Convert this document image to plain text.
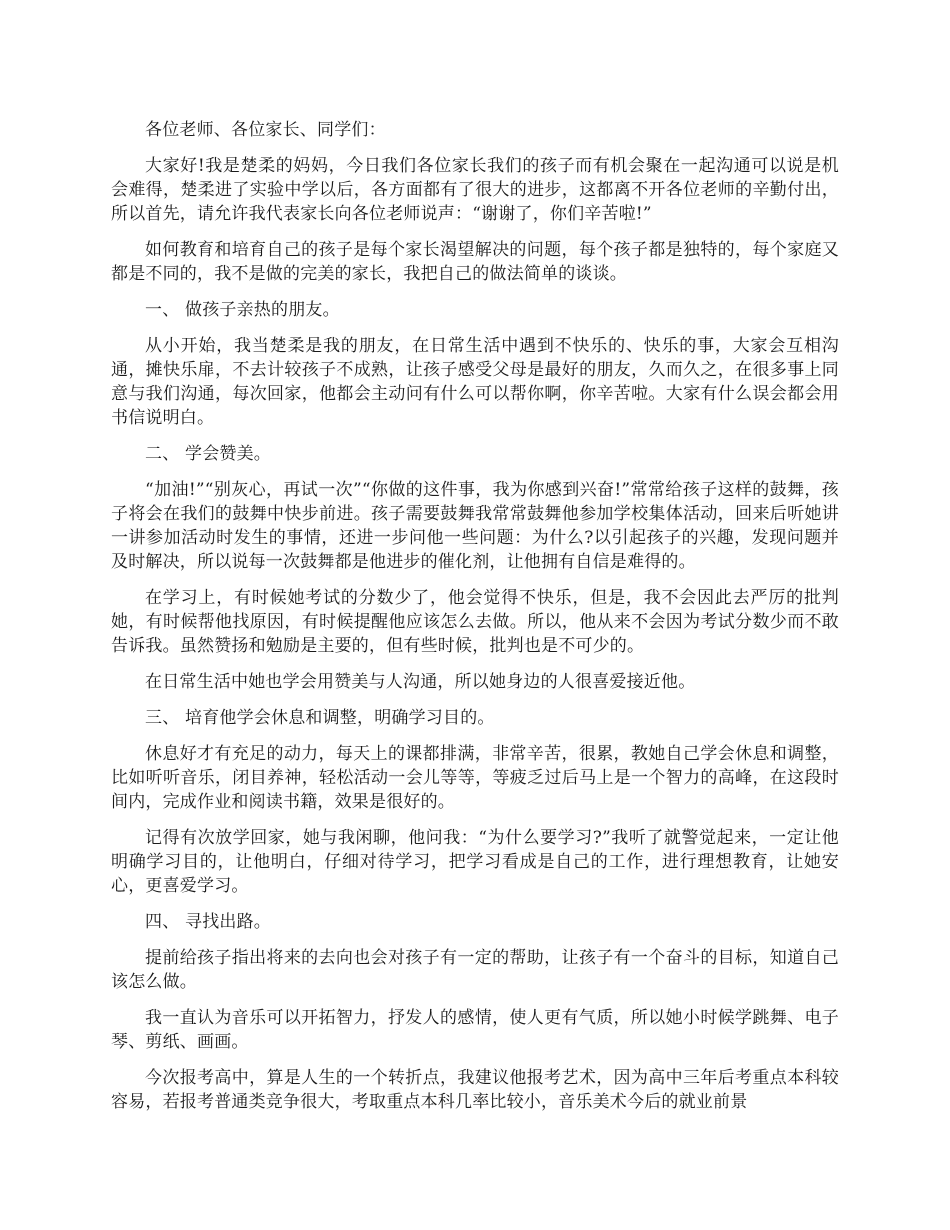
各位老师、各位家长、同学们：

大家好!我是楚柔的妈妈，今日我们各位家长我们的孩子而有机会聚在一起沟通可以说是机会难得，楚柔进了实验中学以后，各方面都有了很大的进步，这都离不开各位老师的辛勤付出，所以首先，请允许我代表家长向各位老师说声：“谢谢了，你们辛苦啦!”

如何教育和培育自己的孩子是每个家长渴望解决的问题，每个孩子都是独特的，每个家庭又都是不同的，我不是做的完美的家长，我把自己的做法简单的谈谈。

一、 做孩子亲热的朋友。

从小开始，我当楚柔是我的朋友，在日常生活中遇到不快乐的、快乐的事，大家会互相沟通，摊快乐扉，不去计较孩子不成熟，让孩子感受父母是最好的朋友，久而久之，在很多事上同意与我们沟通，每次回家，他都会主动问有什么可以帮你啊，你辛苦啦。大家有什么误会都会用书信说明白。

二、 学会赞美。

“加油!”“别灰心，再试一次”“你做的这件事，我为你感到兴奋!”常常给孩子这样的鼓舞，孩子将会在我们的鼓舞中快步前进。孩子需要鼓舞我常常鼓舞他参加学校集体活动，回来后听她讲一讲参加活动时发生的事情，还进一步问他一些问题：为什么?以引起孩子的兴趣，发现问题并及时解决，所以说每一次鼓舞都是他进步的催化剂，让他拥有自信是难得的。

在学习上，有时候她考试的分数少了，他会觉得不快乐，但是，我不会因此去严厉的批判她，有时候帮他找原因，有时候提醒他应该怎么去做。所以，他从来不会因为考试分数少而不敢告诉我。虽然赞扬和勉励是主要的，但有些时候，批判也是不可少的。

在日常生活中她也学会用赞美与人沟通，所以她身边的人很喜爱接近他。

三、 培育他学会休息和调整，明确学习目的。

休息好才有充足的动力，每天上的课都排满，非常辛苦，很累，教她自己学会休息和调整，比如听听音乐，闭目养神，轻松活动一会儿等等，等疲乏过后马上是一个智力的高峰，在这段时间内，完成作业和阅读书籍，效果是很好的。

记得有次放学回家，她与我闲聊，他问我：“为什么要学习?”我听了就警觉起来，一定让他明确学习目的，让他明白，仔细对待学习，把学习看成是自己的工作，进行理想教育，让她安心，更喜爱学习。

四、 寻找出路。

提前给孩子指出将来的去向也会对孩子有一定的帮助，让孩子有一个奋斗的目标，知道自己该怎么做。

我一直认为音乐可以开拓智力，抒发人的感情，使人更有气质，所以她小时候学跳舞、电子琴、剪纸、画画。

今次报考高中，算是人生的一个转折点，我建议他报考艺术，因为高中三年后考重点本科较容易，若报考普通类竞争很大，考取重点本科几率比较小，音乐美术今后的就业前景
